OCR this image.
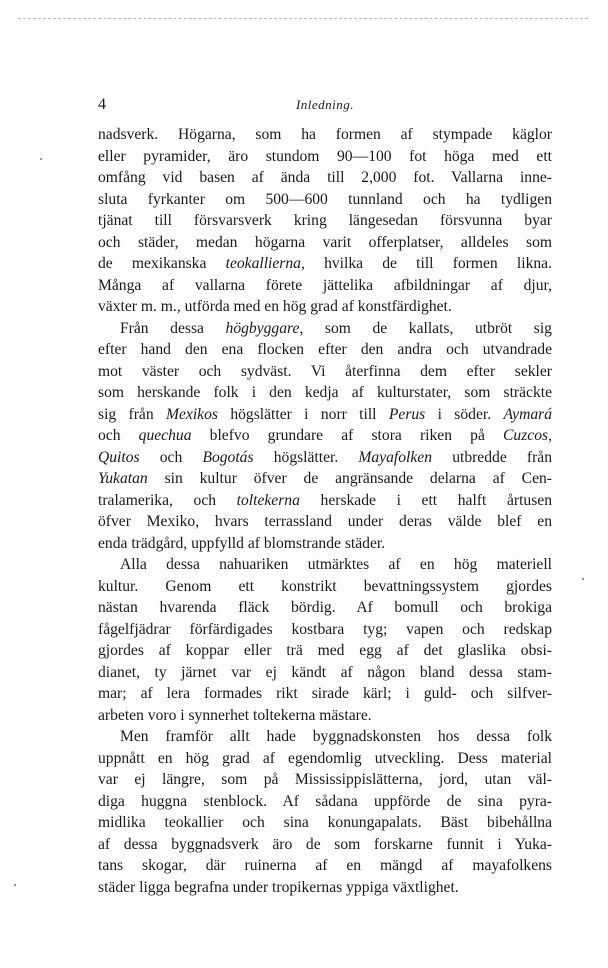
4	Inledning.
nadsverk. Högarna, som ha formen af stympade käglor
eller pyramider, äro stundom 90—100 fot höga med ett
omfång vid basen af ända till 2,000 fot. Vallarna inne-
sluta fyrkanter om 500—600 tunnland och ha tydligen
tjänat till försvarsverk kring längesedan försvunna byar
och städer, medan högarna varit offerplatser, alldeles som
de mexikanska teokallierna, hvilka de till formen likna.
Många af vallarna förete jättelika afbildningar af djur,
växter m. m., utförda med en hög grad af konstfärdighet.
Från dessa högbyggare, som de kallats, utbröt sig
efter hand den ena flocken efter den andra och utvandrade
mot väster och sydväst. Vi återfinna dem efter sekler
som herskande folk i den kedja af kulturstater, som sträckte
sig från Mexikos högslätter i norr till Perus i söder. Aymará
och quechua blefvo grundare af stora riken på Cuzcos,
Quitos och Bogotás högslätter. Mayafolken utbredde från
Yukatan sin kultur öfver de angränsande delarna af Cen-
tralamerika, och toltekerna herskade i ett halft årtusen
öfver Mexiko, hvars terrassland under deras välde blef en
enda trädgård, uppfylld af blomstrande städer.
Alla dessa nahuariken utmärktes af en hög materiell
kultur. Genom ett konstrikt bevattningssystem gjordes
nästan hvarenda fläck bördig. Af bomull och brokiga
fågelfjädrar förfärdigades kostbara tyg; vapen och redskap
gjordes af koppar eller trä med egg af det glaslika obsi-
dianet, ty järnet var ej kändt af någon bland dessa stam-
mar; af lera formades rikt sirade kärl; i guld- och silfver-
arbeten voro i synnerhet toltekerna mästare.
Men framför allt hade byggnadskonsten hos dessa folk
uppnått en hög grad af egendomlig utveckling. Dess material
var ej längre, som på Mississippislätterna, jord, utan väl-
diga huggna stenblock. Af sådana uppförde de sina pyra-
midlika teokallier och sina konungapalats. Bäst bibehållna
af dessa byggnadsverk äro de som forskarne funnit i Yuka-
tans skogar, där ruinerna af en mängd af mayafolkens
städer ligga begrafna under tropikernas yppiga växtlighet.
